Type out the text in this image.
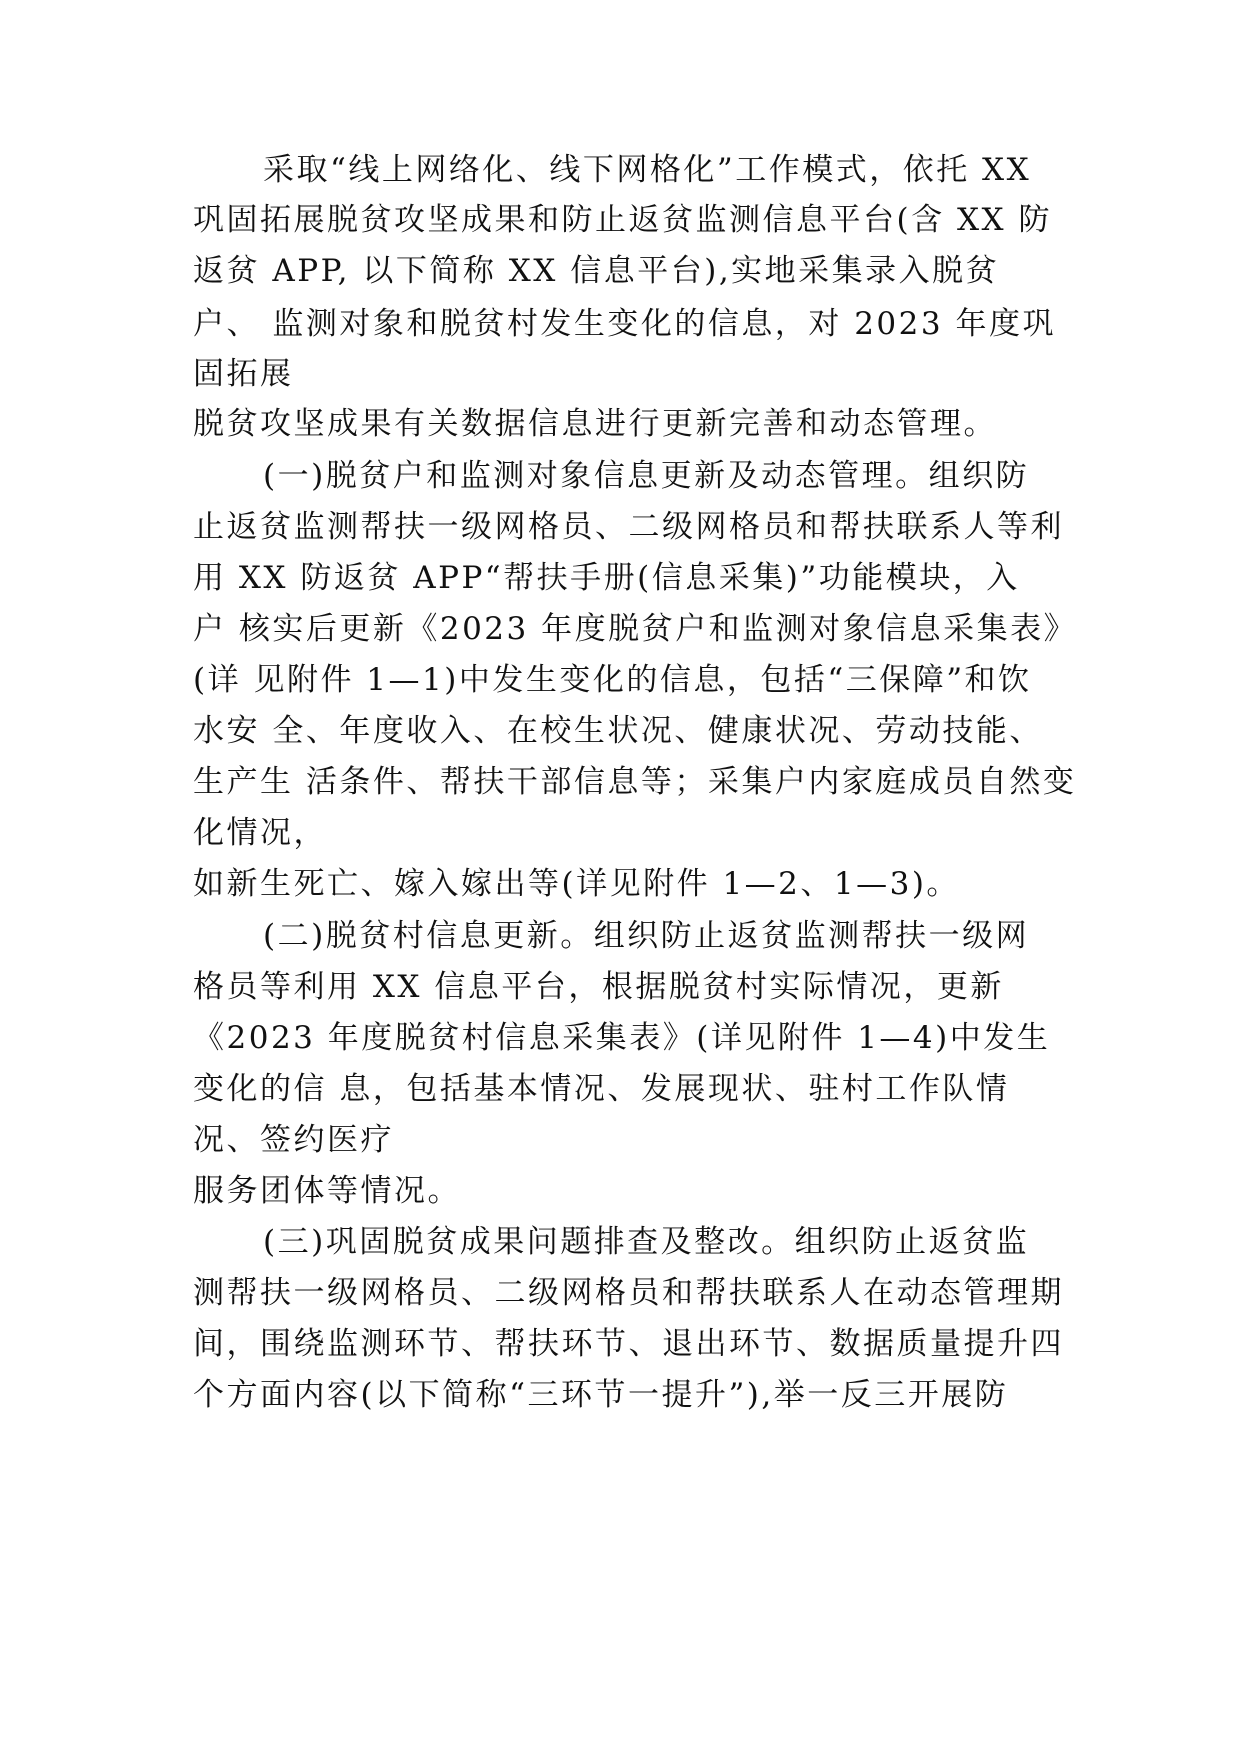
采取“线上网络化、线下网格化”工作模式，依托 XX
巩固拓展脱贫攻坚成果和防止返贫监测信息平台(含 XX 防
返贫 APP, 以下简称 XX 信息平台),实地采集录入脱贫
户、 监测对象和脱贫村发生变化的信息，对 2023 年度巩
固拓展
脱贫攻坚成果有关数据信息进行更新完善和动态管理。
(一)脱贫户和监测对象信息更新及动态管理。组织防
止返贫监测帮扶一级网格员、二级网格员和帮扶联系人等利
用 XX 防返贫 APP“帮扶手册(信息采集)”功能模块，入
户 核实后更新《2023 年度脱贫户和监测对象信息采集表》
(详 见附件 1—1)中发生变化的信息，包括“三保障”和饮
水安 全、年度收入、在校生状况、健康状况、劳动技能、
生产生 活条件、帮扶干部信息等；采集户内家庭成员自然变
化情况，
如新生死亡、嫁入嫁出等(详见附件 1—2、1—3)。
(二)脱贫村信息更新。组织防止返贫监测帮扶一级网
格员等利用 XX 信息平台，根据脱贫村实际情况，更新
《2023 年度脱贫村信息采集表》(详见附件 1—4)中发生
变化的信 息，包括基本情况、发展现状、驻村工作队情
况、签约医疗
服务团体等情况。
(三)巩固脱贫成果问题排查及整改。组织防止返贫监
测帮扶一级网格员、二级网格员和帮扶联系人在动态管理期
间，围绕监测环节、帮扶环节、退出环节、数据质量提升四
个方面内容(以下简称“三环节一提升”),举一反三开展防
